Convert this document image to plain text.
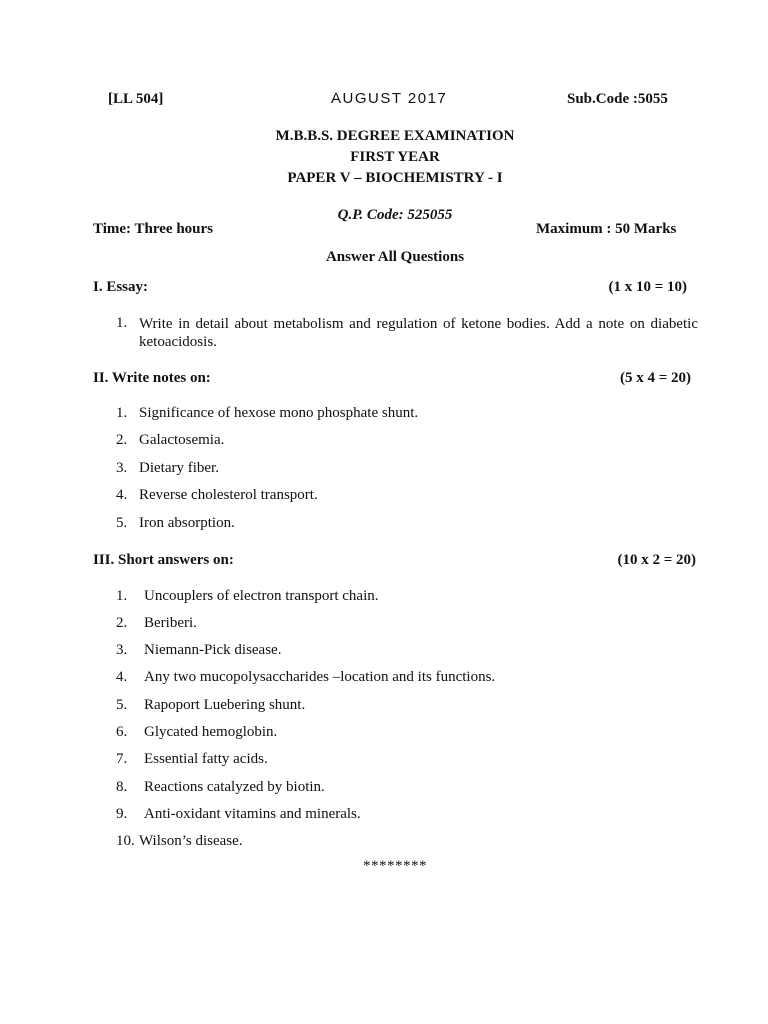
[LL 504]	AUGUST 2017	Sub.Code :5055
M.B.B.S. DEGREE EXAMINATION
FIRST YEAR
PAPER V – BIOCHEMISTRY - I
Q.P. Code: 525055
Time: Three hours	Maximum : 50 Marks
Answer All Questions
I. Essay:	(1 x 10 = 10)
1. Write in detail about metabolism and regulation of ketone bodies. Add a note on diabetic ketoacidosis.
II. Write notes on:	(5 x 4 = 20)
1. Significance of hexose mono phosphate shunt.
2. Galactosemia.
3. Dietary fiber.
4. Reverse cholesterol transport.
5. Iron absorption.
III. Short answers on:	(10 x 2 = 20)
1.	Uncouplers of electron transport chain.
2.	Beriberi.
3.	Niemann-Pick disease.
4.	Any two mucopolysaccharides –location and its functions.
5.	Rapoport Luebering shunt.
6.	Glycated hemoglobin.
7.	Essential fatty acids.
8.	Reactions catalyzed by biotin.
9.	Anti-oxidant vitamins and minerals.
10. Wilson’s disease.
********
